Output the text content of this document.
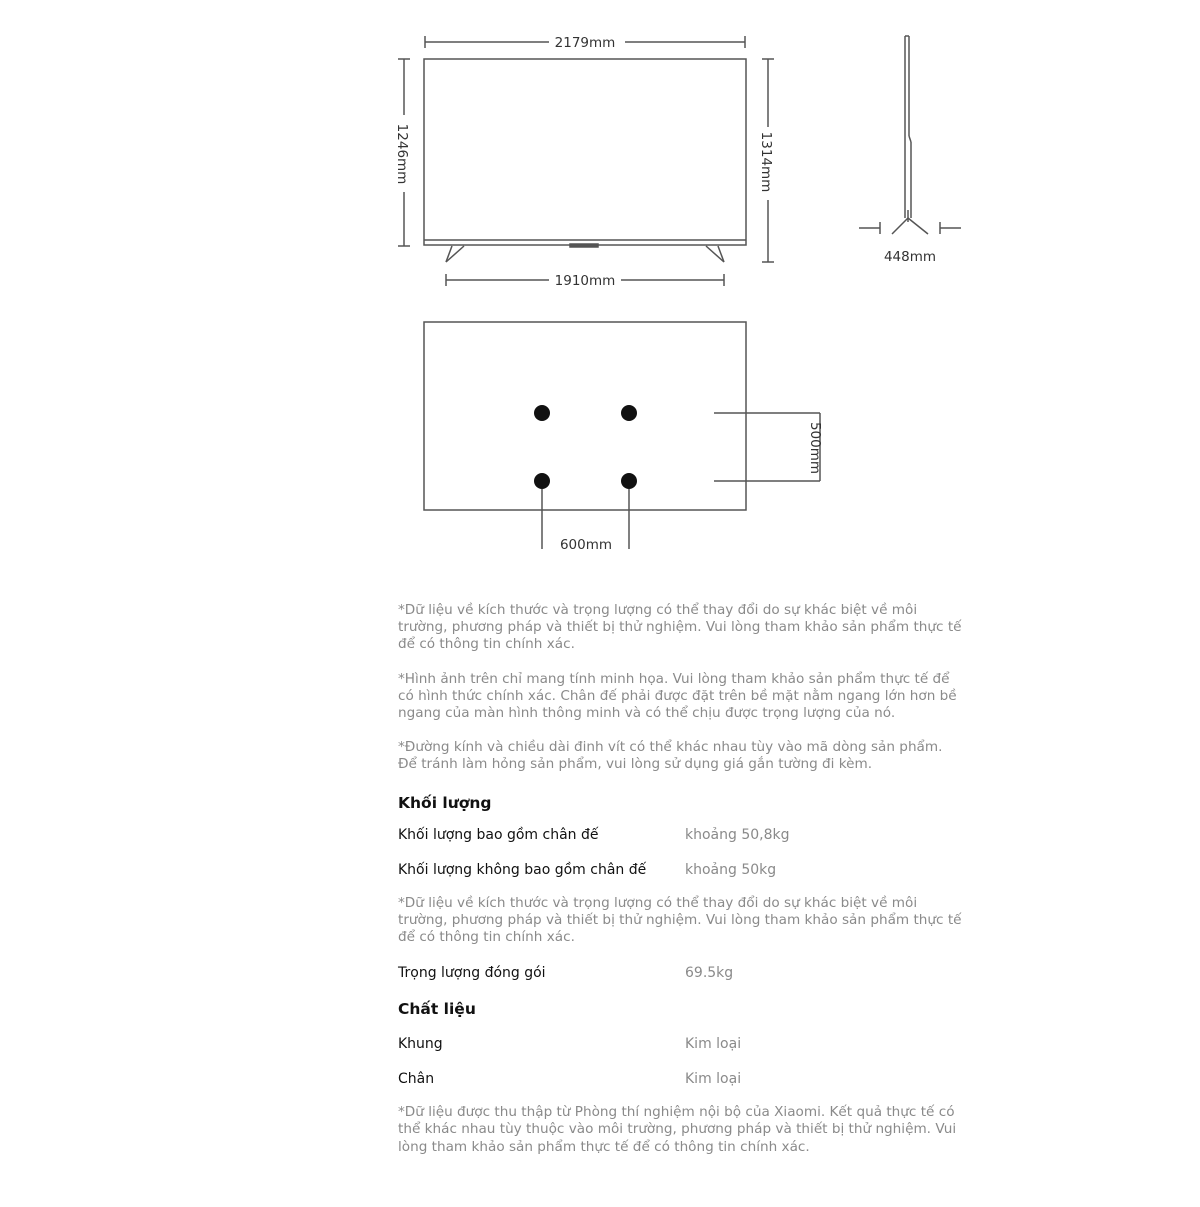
2179mm
1910mm
1246mm	1314mm
448mm
600mm
500mm

*Dữ liệu về kích thước và trọng lượng có thể thay đổi do sự khác biệt về môi trường, phương pháp và thiết bị thử nghiệm. Vui lòng tham khảo sản phẩm thực tế để có thông tin chính xác.

*Hình ảnh trên chỉ mang tính minh họa. Vui lòng tham khảo sản phẩm thực tế để có hình thức chính xác. Chân đế phải được đặt trên bề mặt nằm ngang lớn hơn bề ngang của màn hình thông minh và có thể chịu được trọng lượng của nó.

*Đường kính và chiều dài đinh vít có thể khác nhau tùy vào mã dòng sản phẩm. Để tránh làm hỏng sản phẩm, vui lòng sử dụng giá gắn tường đi kèm.

Khối lượng
Khối lượng bao gồm chân đế	khoảng 50,8kg
Khối lượng không bao gồm chân đế	khoảng 50kg

*Dữ liệu về kích thước và trọng lượng có thể thay đổi do sự khác biệt về môi trường, phương pháp và thiết bị thử nghiệm. Vui lòng tham khảo sản phẩm thực tế để có thông tin chính xác.

Trọng lượng đóng gói	69.5kg
Chất liệu
Khung	Kim loại
Chân	Kim loại

*Dữ liệu được thu thập từ Phòng thí nghiệm nội bộ của Xiaomi. Kết quả thực tế có thể khác nhau tùy thuộc vào môi trường, phương pháp và thiết bị thử nghiệm. Vui lòng tham khảo sản phẩm thực tế để có thông tin chính xác.
